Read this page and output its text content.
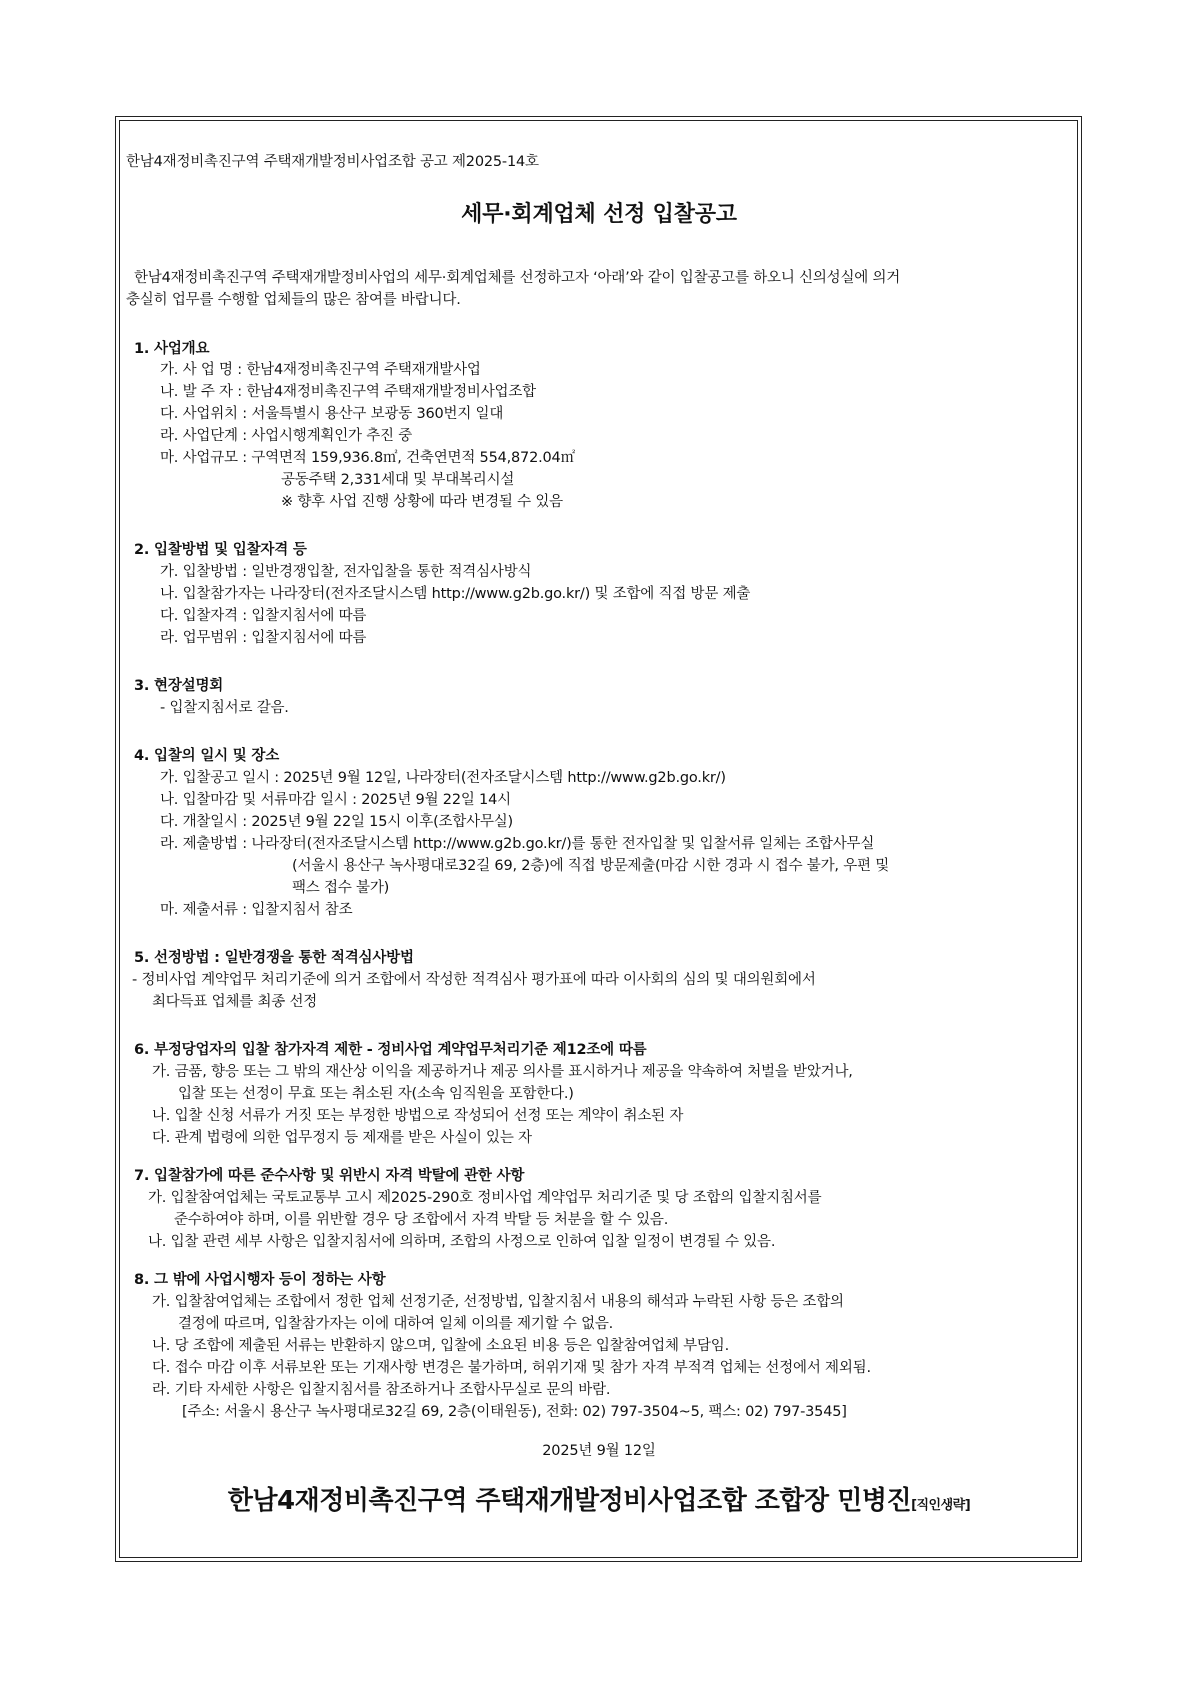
한남4재정비촉진구역 주택재개발정비사업조합 공고 제2025-14호
세무·회계업체 선정 입찰공고
한남4재정비촉진구역 주택재개발정비사업의 세무·회계업체를 선정하고자 ‘아래’와 같이 입찰공고를 하오니 신의성실에 의거
충실히 업무를 수행할 업체들의 많은 참여를 바랍니다.
1. 사업개요
가. 사 업 명 : 한남4재정비촉진구역 주택재개발사업
나. 발 주 자 : 한남4재정비촉진구역 주택재개발정비사업조합
다. 사업위치 : 서울특별시 용산구 보광동 360번지 일대
라. 사업단계 : 사업시행계획인가 추진 중
마. 사업규모 : 구역면적 159,936.8㎡, 건축연면적 554,872.04㎡
공동주택 2,331세대 및 부대복리시설
※ 향후 사업 진행 상황에 따라 변경될 수 있음
2. 입찰방법 및 입찰자격 등
가. 입찰방법 : 일반경쟁입찰, 전자입찰을 통한 적격심사방식
나. 입찰참가자는 나라장터(전자조달시스템 http://www.g2b.go.kr/) 및 조합에 직접 방문 제출
다. 입찰자격 : 입찰지침서에 따름
라. 업무범위 : 입찰지침서에 따름
3. 현장설명회
- 입찰지침서로 갈음.
4. 입찰의 일시 및 장소
가. 입찰공고 일시 : 2025년 9월 12일, 나라장터(전자조달시스템 http://www.g2b.go.kr/)
나. 입찰마감 및 서류마감 일시 : 2025년 9월 22일 14시
다. 개찰일시 : 2025년 9월 22일 15시 이후(조합사무실)
라. 제출방법 : 나라장터(전자조달시스템 http://www.g2b.go.kr/)를 통한 전자입찰 및 입찰서류 일체는 조합사무실
(서울시 용산구 녹사평대로32길 69, 2층)에 직접 방문제출(마감 시한 경과 시 접수 불가, 우편 및
팩스 접수 불가)
마. 제출서류 : 입찰지침서 참조
5. 선정방법 : 일반경쟁을 통한 적격심사방법
- 정비사업 계약업무 처리기준에 의거 조합에서 작성한 적격심사 평가표에 따라 이사회의 심의 및 대의원회에서
최다득표 업체를 최종 선정
6. 부정당업자의 입찰 참가자격 제한 - 정비사업 계약업무처리기준 제12조에 따름
가. 금품, 향응 또는 그 밖의 재산상 이익을 제공하거나 제공 의사를 표시하거나 제공을 약속하여 처벌을 받았거나,
입찰 또는 선정이 무효 또는 취소된 자(소속 임직원을 포함한다.)
나. 입찰 신청 서류가 거짓 또는 부정한 방법으로 작성되어 선정 또는 계약이 취소된 자
다. 관계 법령에 의한 업무정지 등 제재를 받은 사실이 있는 자
7. 입찰참가에 따른 준수사항 및 위반시 자격 박탈에 관한 사항
가. 입찰참여업체는 국토교통부 고시 제2025-290호 정비사업 계약업무 처리기준 및 당 조합의 입찰지침서를
준수하여야 하며, 이를 위반할 경우 당 조합에서 자격 박탈 등 처분을 할 수 있음.
나. 입찰 관련 세부 사항은 입찰지침서에 의하며, 조합의 사정으로 인하여 입찰 일정이 변경될 수 있음.
8. 그 밖에 사업시행자 등이 정하는 사항
가. 입찰참여업체는 조합에서 정한 업체 선정기준, 선정방법, 입찰지침서 내용의 해석과 누락된 사항 등은 조합의
결정에 따르며, 입찰참가자는 이에 대하여 일체 이의를 제기할 수 없음.
나. 당 조합에 제출된 서류는 반환하지 않으며, 입찰에 소요된 비용 등은 입찰참여업체 부담임.
다. 접수 마감 이후 서류보완 또는 기재사항 변경은 불가하며, 허위기재 및 참가 자격 부적격 업체는 선정에서 제외됨.
라. 기타 자세한 사항은 입찰지침서를 참조하거나 조합사무실로 문의 바람.
[주소: 서울시 용산구 녹사평대로32길 69, 2층(이태원동), 전화: 02) 797-3504~5, 팩스: 02) 797-3545]
2025년 9월 12일
한남4재정비촉진구역 주택재개발정비사업조합 조합장 민병진[직인생략]
